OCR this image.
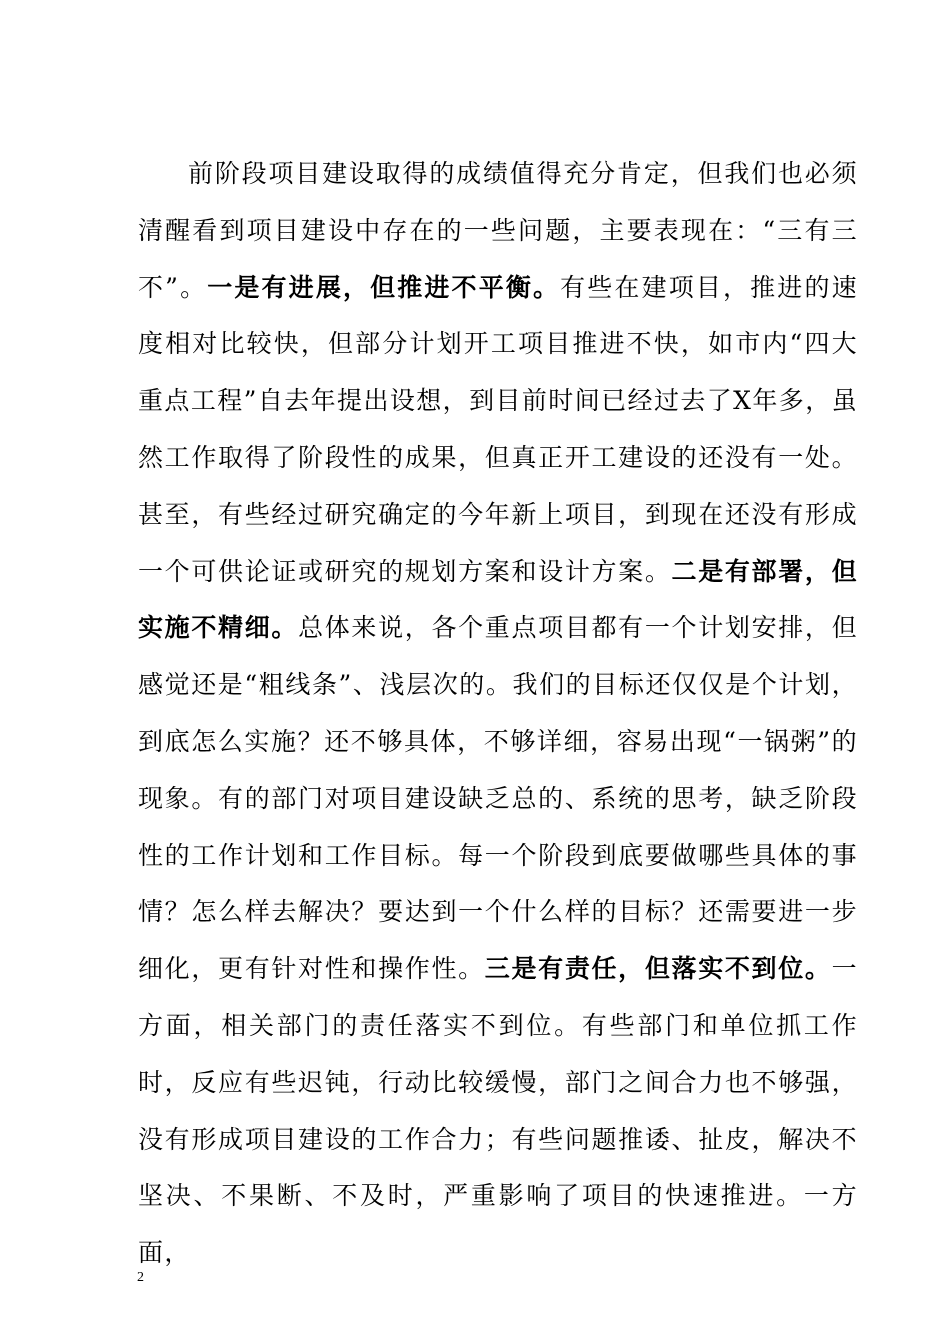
前阶段项目建设取得的成绩值得充分肯定，但我们也必须清醒看到项目建设中存在的一些问题，主要表现在：“三有三不”。一是有进展，但推进不平衡。有些在建项目，推进的速度相对比较快，但部分计划开工项目推进不快，如市内“四大重点工程”自去年提出设想，到目前时间已经过去了X年多，虽然工作取得了阶段性的成果，但真正开工建设的还没有一处。甚至，有些经过研究确定的今年新上项目，到现在还没有形成一个可供论证或研究的规划方案和设计方案。二是有部署，但实施不精细。总体来说，各个重点项目都有一个计划安排，但感觉还是“粗线条”、浅层次的。我们的目标还仅仅是个计划，到底怎么实施？还不够具体，不够详细，容易出现“一锅粥”的现象。有的部门对项目建设缺乏总的、系统的思考，缺乏阶段性的工作计划和工作目标。每一个阶段到底要做哪些具体的事情？怎么样去解决？要达到一个什么样的目标？还需要进一步细化，更有针对性和操作性。三是有责任，但落实不到位。一方面，相关部门的责任落实不到位。有些部门和单位抓工作时，反应有些迟钝，行动比较缓慢，部门之间合力也不够强，没有形成项目建设的工作合力；有些问题推诿、扯皮，解决不坚决、不果断、不及时，严重影响了项目的快速推进。一方面，

2
